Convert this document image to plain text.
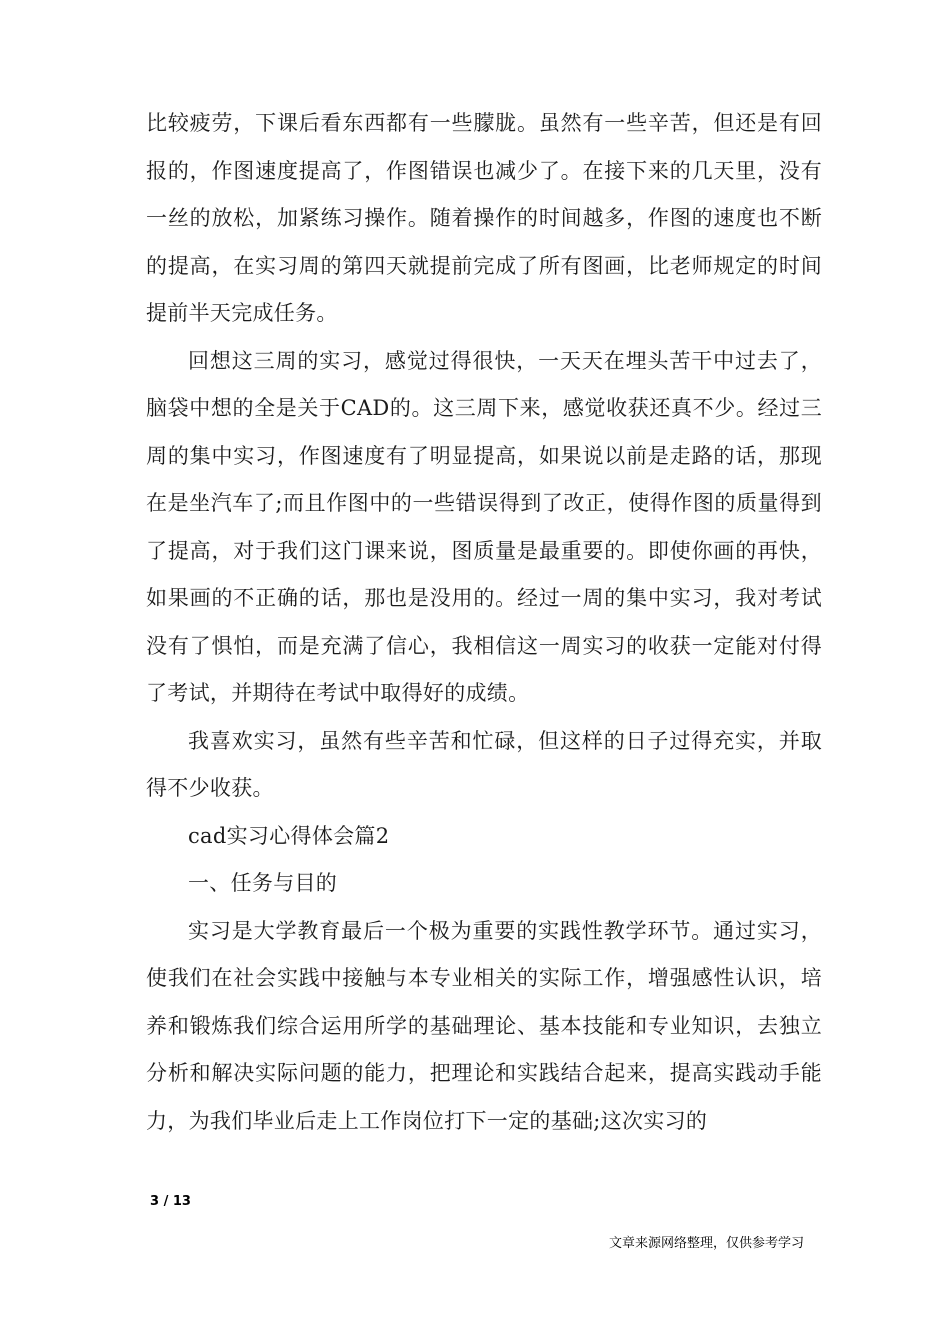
比较疲劳，下课后看东西都有一些朦胧。虽然有一些辛苦，但还是有回报的，作图速度提高了，作图错误也减少了。在接下来的几天里，没有一丝的放松，加紧练习操作。随着操作的时间越多，作图的速度也不断的提高，在实习周的第四天就提前完成了所有图画，比老师规定的时间提前半天完成任务。

回想这三周的实习，感觉过得很快，一天天在埋头苦干中过去了，脑袋中想的全是关于CAD的。这三周下来，感觉收获还真不少。经过三周的集中实习，作图速度有了明显提高，如果说以前是走路的话，那现在是坐汽车了;而且作图中的一些错误得到了改正，使得作图的质量得到了提高，对于我们这门课来说，图质量是最重要的。即使你画的再快，如果画的不正确的话，那也是没用的。经过一周的集中实习，我对考试没有了惧怕，而是充满了信心，我相信这一周实习的收获一定能对付得了考试，并期待在考试中取得好的成绩。

我喜欢实习，虽然有些辛苦和忙碌，但这样的日子过得充实，并取得不少收获。

cad实习心得体会篇2

一、任务与目的

实习是大学教育最后一个极为重要的实践性教学环节。通过实习，使我们在社会实践中接触与本专业相关的实际工作，增强感性认识，培养和锻炼我们综合运用所学的基础理论、基本技能和专业知识，去独立分析和解决实际问题的能力，把理论和实践结合起来，提高实践动手能力，为我们毕业后走上工作岗位打下一定的基础;这次实习的

3 / 13
文章来源网络整理，仅供参考学习
